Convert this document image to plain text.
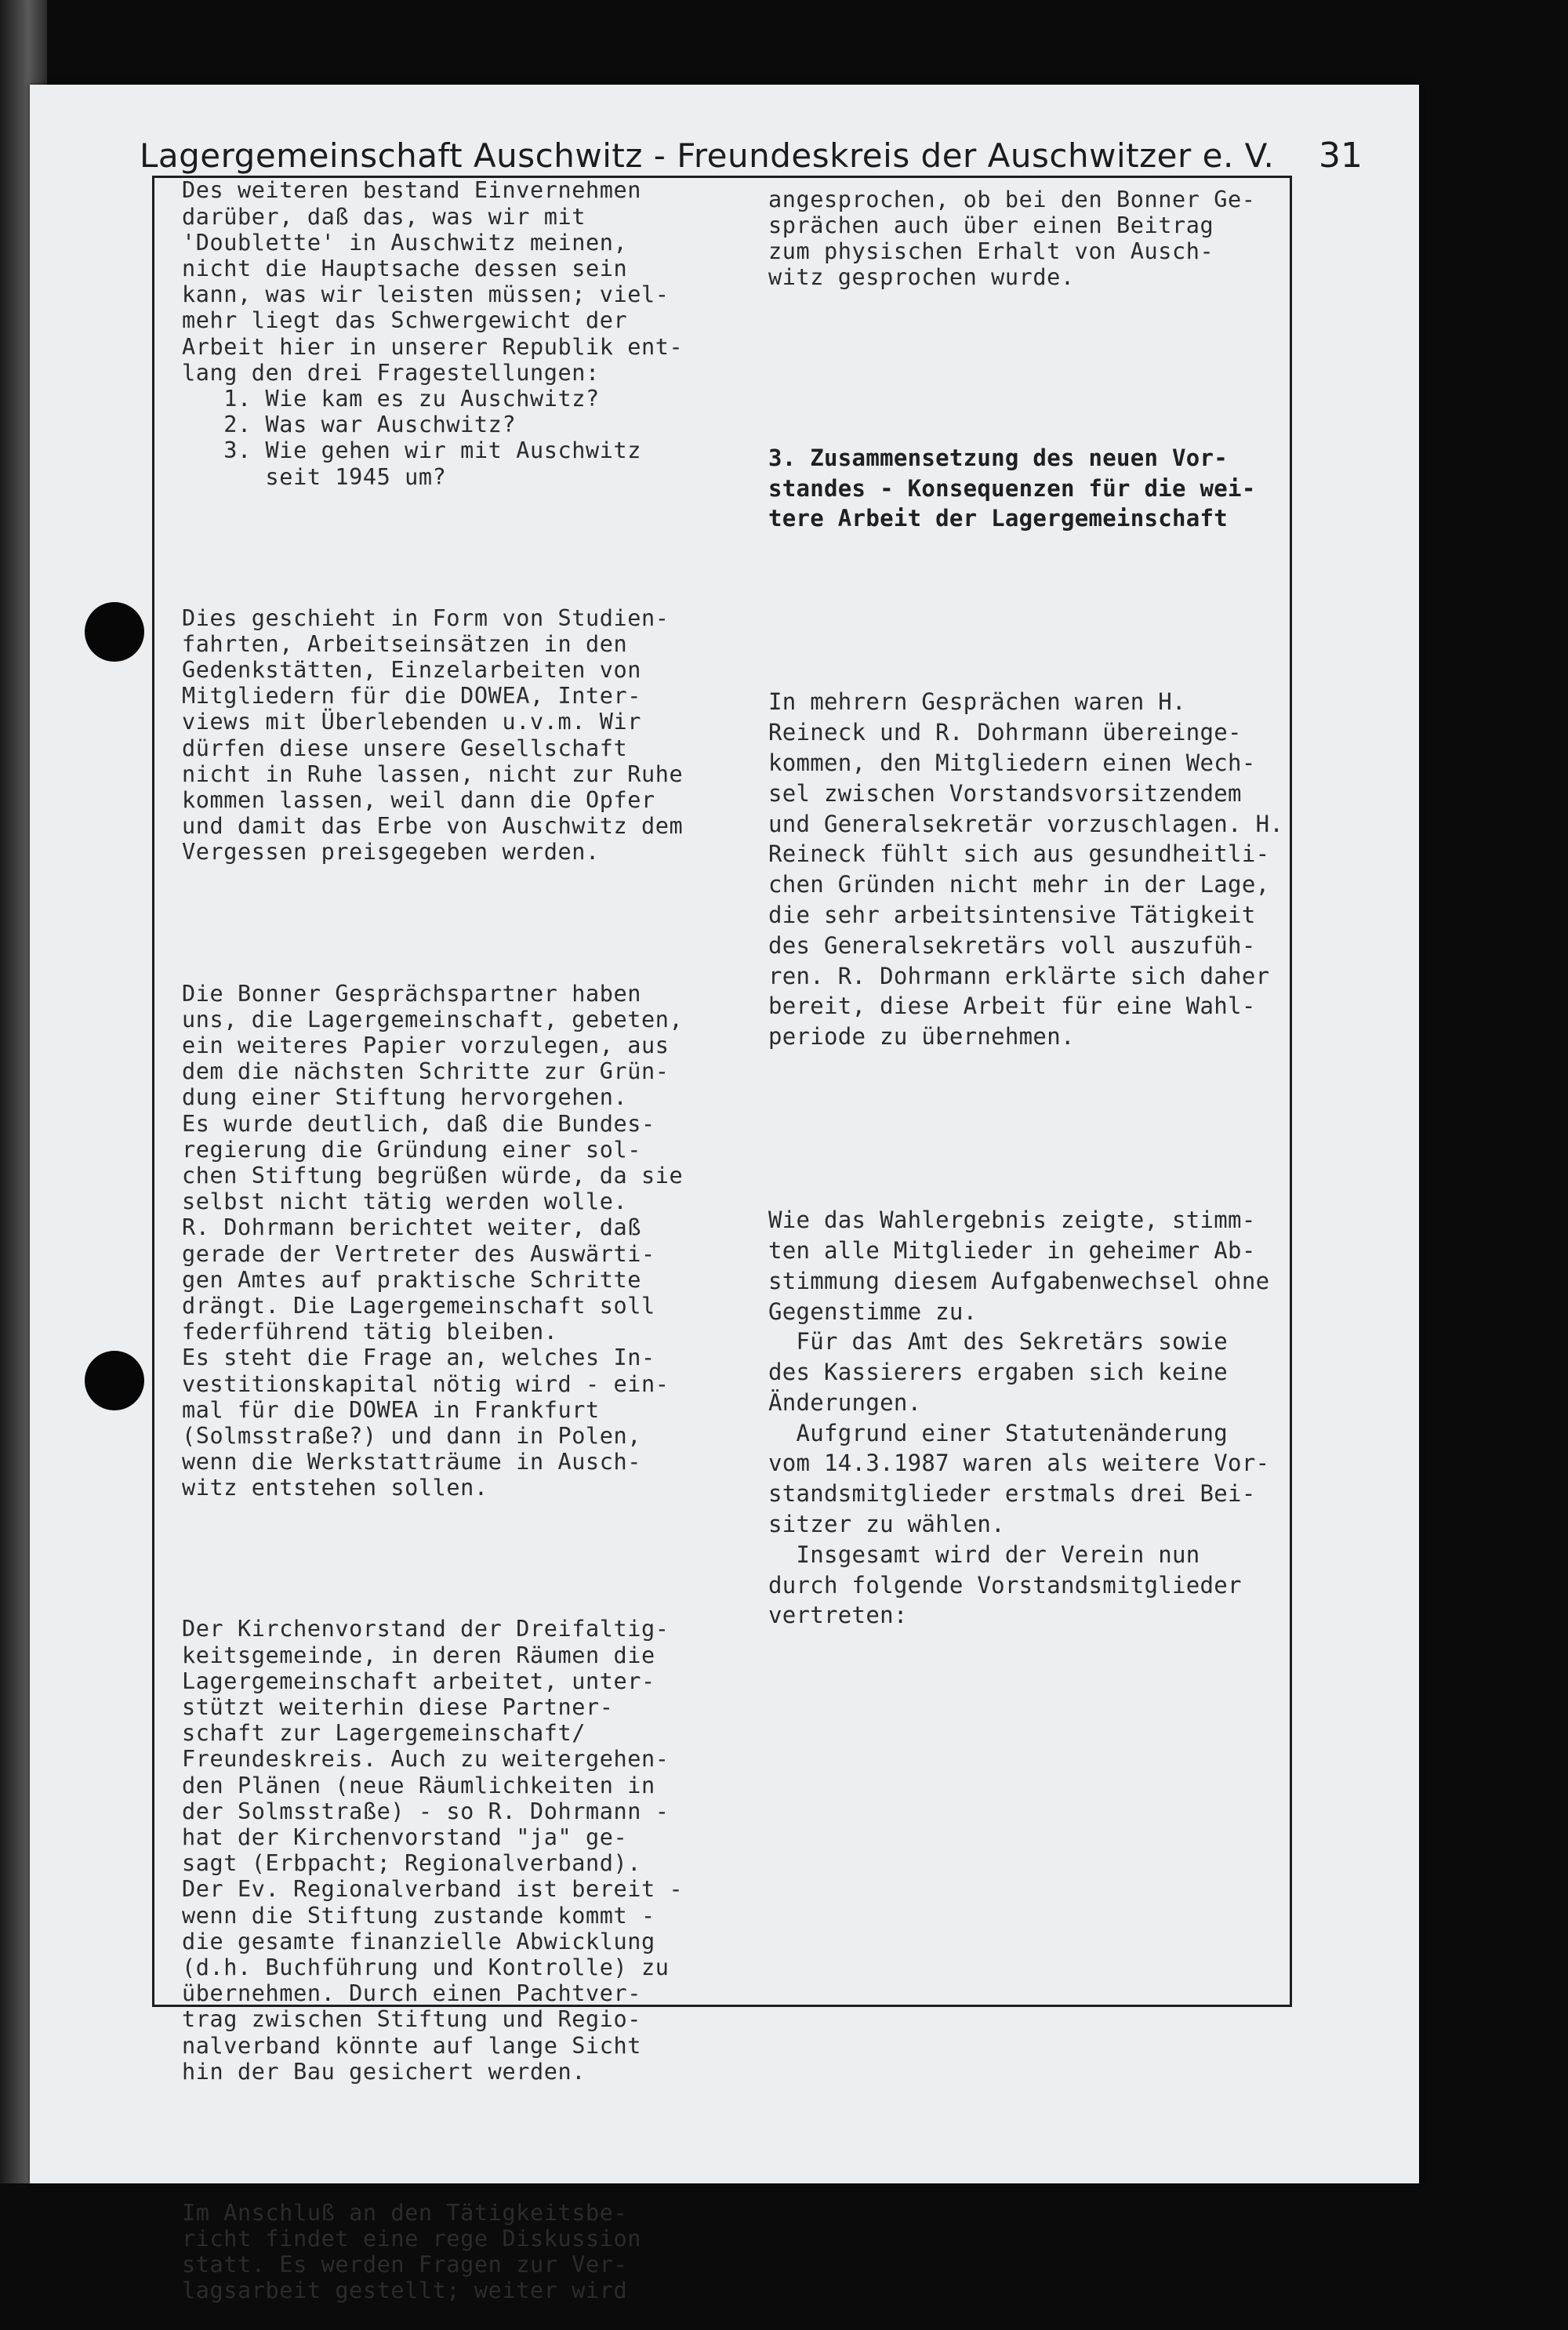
Lagergemeinschaft Auschwitz - Freundeskreis der Auschwitzer e. V. 31

Des weiteren bestand Einvernehmen
darüber, daß das, was wir mit
'Doublette' in Auschwitz meinen,
nicht die Hauptsache dessen sein
kann, was wir leisten müssen; viel-
mehr liegt das Schwergewicht der
Arbeit hier in unserer Republik ent-
lang den drei Fragestellungen:
1. Wie kam es zu Auschwitz?
2. Was war Auschwitz?
3. Wie gehen wir mit Auschwitz
seit 1945 um?

Dies geschieht in Form von Studien-
fahrten, Arbeitseinsätzen in den
Gedenkstätten, Einzelarbeiten von
Mitgliedern für die DOWEA, Inter-
views mit Überlebenden u.v.m. Wir
dürfen diese unsere Gesellschaft
nicht in Ruhe lassen, nicht zur Ruhe
kommen lassen, weil dann die Opfer
und damit das Erbe von Auschwitz dem
Vergessen preisgegeben werden.

Die Bonner Gesprächspartner haben
uns, die Lagergemeinschaft, gebeten,
ein weiteres Papier vorzulegen, aus
dem die nächsten Schritte zur Grün-
dung einer Stiftung hervorgehen.
Es wurde deutlich, daß die Bundes-
regierung die Gründung einer sol-
chen Stiftung begrüßen würde, da sie
selbst nicht tätig werden wolle.
R. Dohrmann berichtet weiter, daß
gerade der Vertreter des Auswärti-
gen Amtes auf praktische Schritte
drängt. Die Lagergemeinschaft soll
federführend tätig bleiben.
Es steht die Frage an, welches In-
vestitionskapital nötig wird - ein-
mal für die DOWEA in Frankfurt
(Solmsstraße?) und dann in Polen,
wenn die Werkstatträume in Ausch-
witz entstehen sollen.

Der Kirchenvorstand der Dreifaltig-
keitsgemeinde, in deren Räumen die
Lagergemeinschaft arbeitet, unter-
stützt weiterhin diese Partner-
schaft zur Lagergemeinschaft/
Freundeskreis. Auch zu weitergehen-
den Plänen (neue Räumlichkeiten in
der Solmsstraße) - so R. Dohrmann -
hat der Kirchenvorstand "ja" ge-
sagt (Erbpacht; Regionalverband).
Der Ev. Regionalverband ist bereit -
wenn die Stiftung zustande kommt -
die gesamte finanzielle Abwicklung
(d.h. Buchführung und Kontrolle) zu
übernehmen. Durch einen Pachtver-
trag zwischen Stiftung und Regio-
nalverband könnte auf lange Sicht
hin der Bau gesichert werden.

Im Anschluß an den Tätigkeitsbe-
richt findet eine rege Diskussion
statt. Es werden Fragen zur Ver-
lagsarbeit gestellt; weiter wird

angesprochen, ob bei den Bonner Ge-
sprächen auch über einen Beitrag
zum physischen Erhalt von Ausch-
witz gesprochen wurde.

3. Zusammensetzung des neuen Vor-
standes - Konsequenzen für die wei-
tere Arbeit der Lagergemeinschaft

In mehrern Gesprächen waren H.
Reineck und R. Dohrmann übereinge-
kommen, den Mitgliedern einen Wech-
sel zwischen Vorstandsvorsitzendem
und Generalsekretär vorzuschlagen. H.
Reineck fühlt sich aus gesundheitli-
chen Gründen nicht mehr in der Lage,
die sehr arbeitsintensive Tätigkeit
des Generalsekretärs voll auszufüh-
ren. R. Dohrmann erklärte sich daher
bereit, diese Arbeit für eine Wahl-
periode zu übernehmen.

Wie das Wahlergebnis zeigte, stimm-
ten alle Mitglieder in geheimer Ab-
stimmung diesem Aufgabenwechsel ohne
Gegenstimme zu.
Für das Amt des Sekretärs sowie
des Kassierers ergaben sich keine
Änderungen.
Aufgrund einer Statutenänderung
vom 14.3.1987 waren als weitere Vor-
standsmitglieder erstmals drei Bei-
sitzer zu wählen.
Insgesamt wird der Verein nun
durch folgende Vorstandsmitglieder
vertreten:
